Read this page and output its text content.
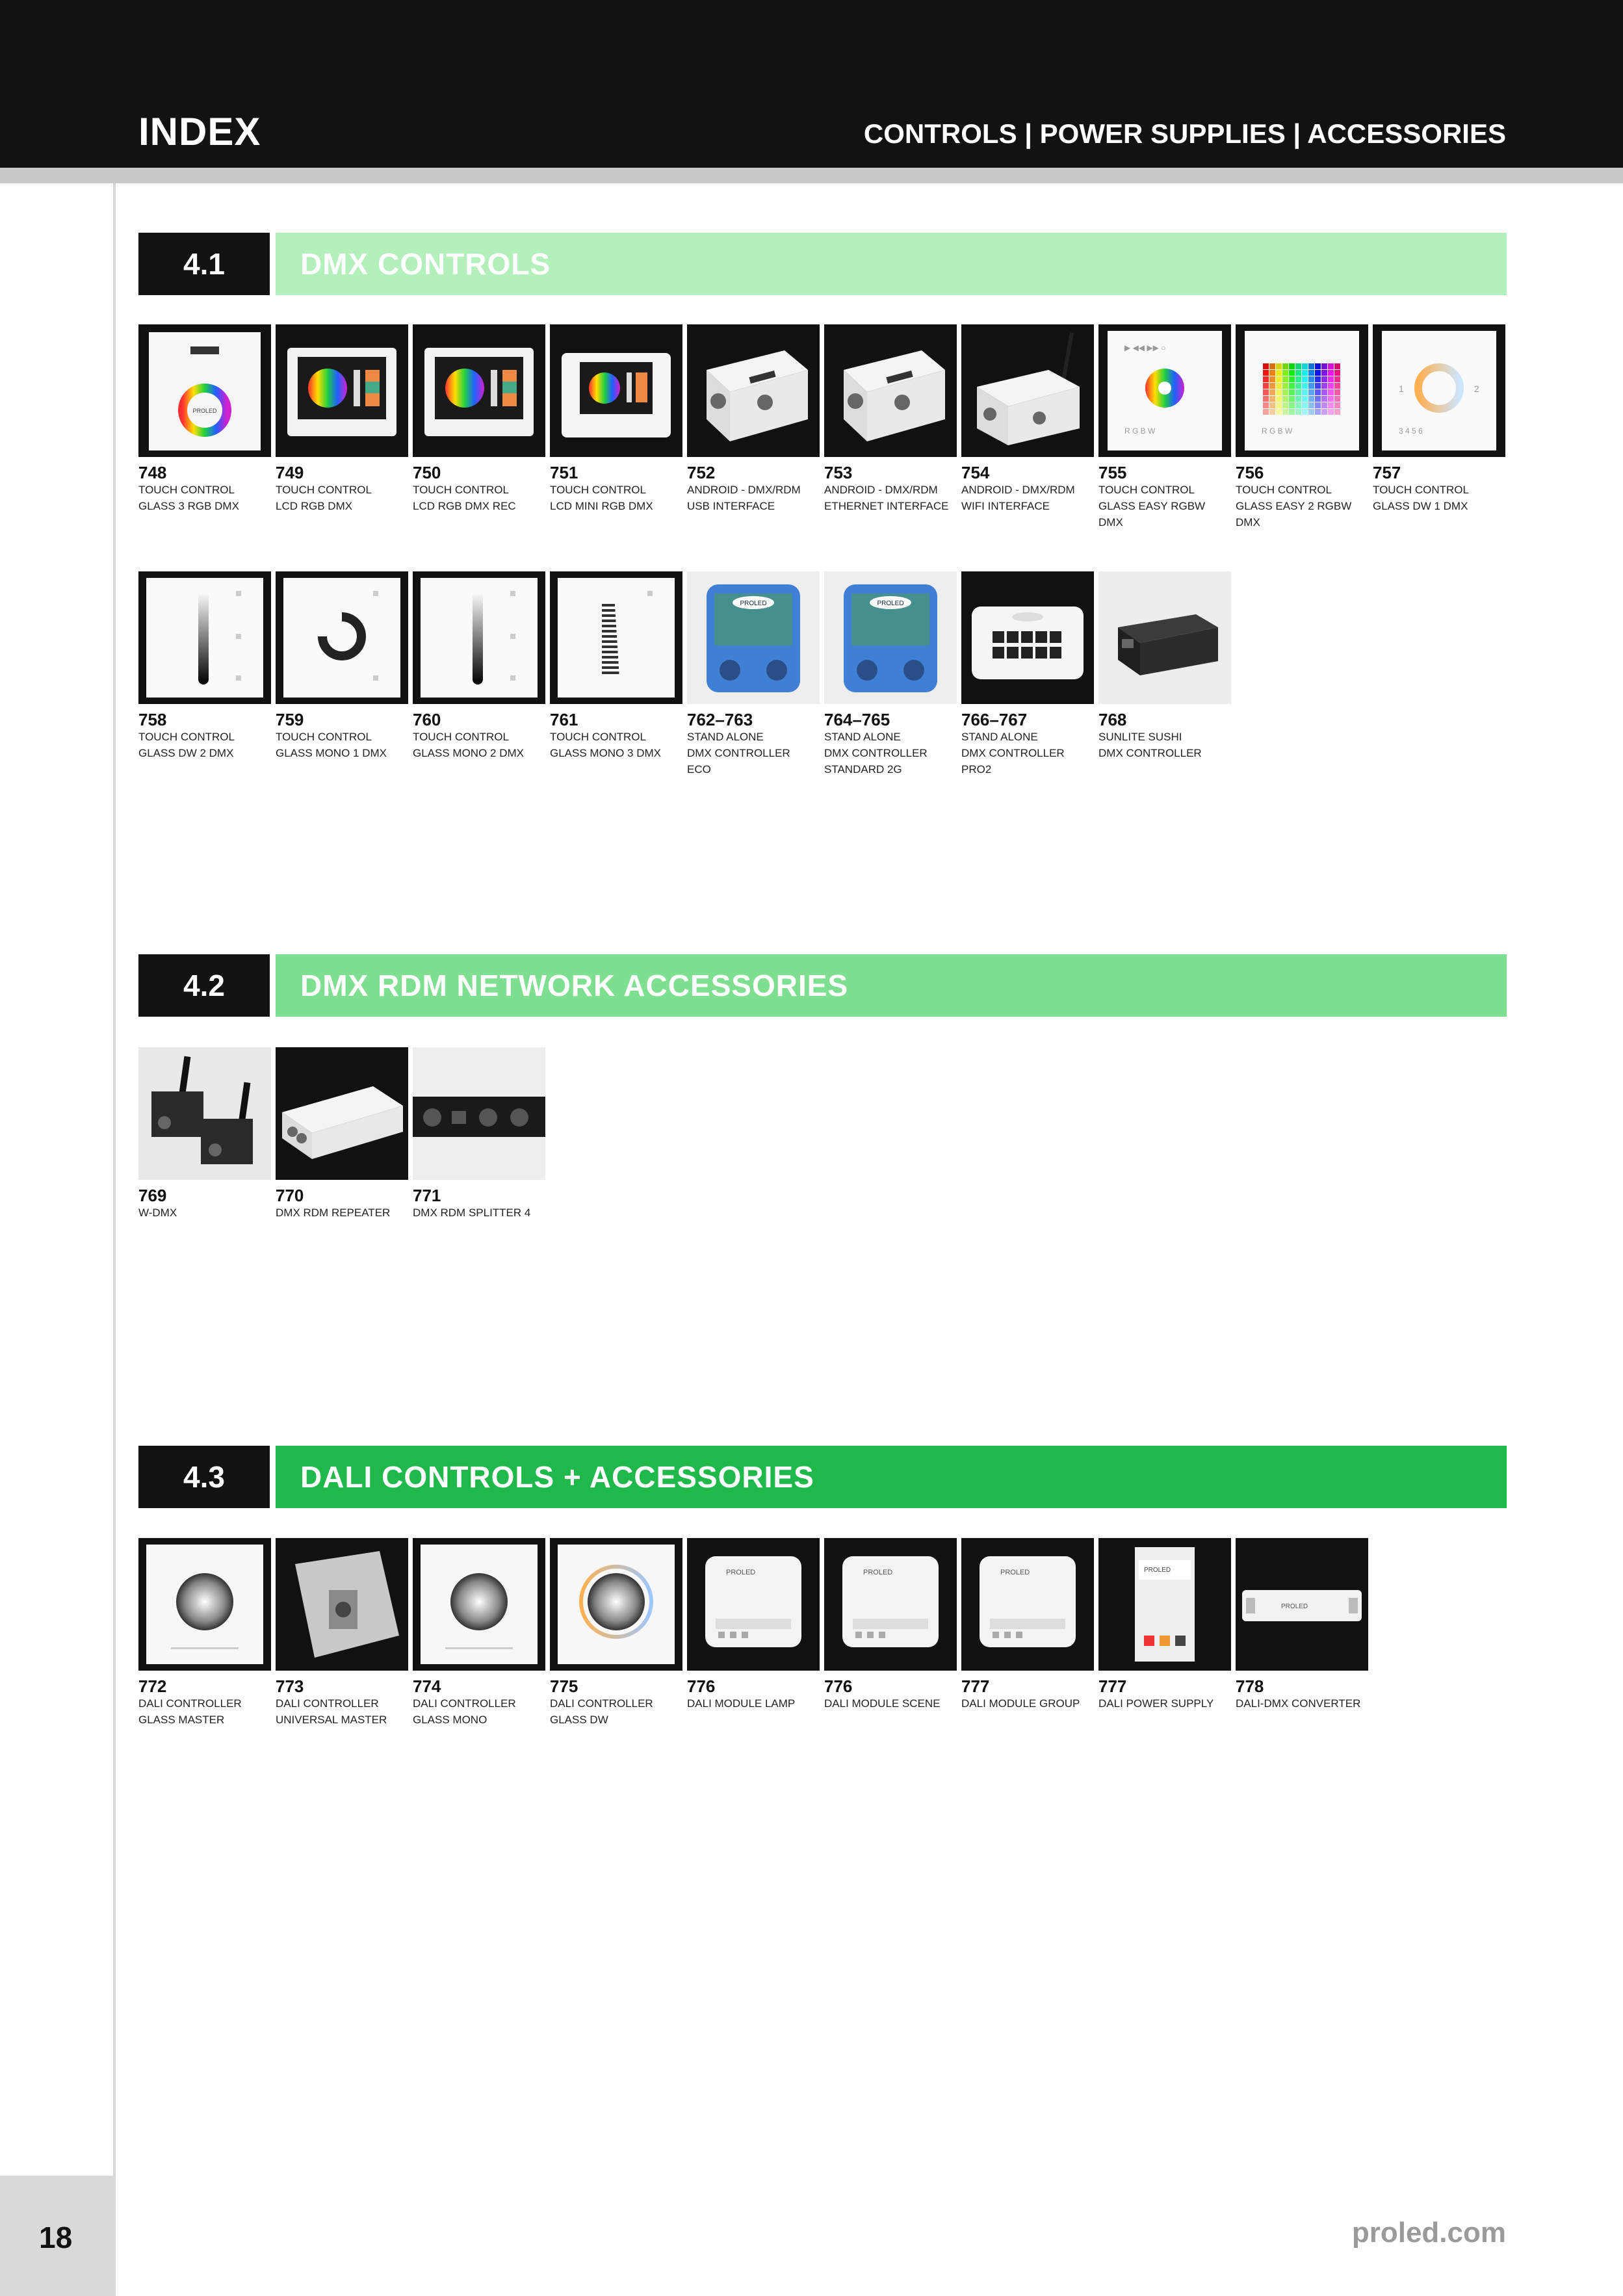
INDEX	CONTROLS | POWER SUPPLIES | ACCESSORIES
4.1	DMX CONTROLS
4.2	DMX RDM NETWORK ACCESSORIES
4.3	DALI CONTROLS + ACCESSORIES
PROLED
748
TOUCH CONTROL
GLASS 3 RGB DMX
749
TOUCH CONTROL
LCD RGB DMX
750
TOUCH CONTROL
LCD RGB DMX REC
751
TOUCH CONTROL
LCD MINI RGB DMX
752
ANDROID - DMX/RDM
USB INTERFACE
753
ANDROID - DMX/RDM
ETHERNET INTERFACE
754
ANDROID - DMX/RDM
WIFI INTERFACE
R G B W
▶ ◀◀ ▶▶ ○
755
TOUCH CONTROL
GLASS EASY RGBW
DMX
R G B W
756
TOUCH CONTROL
GLASS EASY 2 RGBW
DMX
3 4 5 6
1	2
757
TOUCH CONTROL
GLASS DW 1 DMX
758
TOUCH CONTROL
GLASS DW 2 DMX
759
TOUCH CONTROL
GLASS MONO 1 DMX
760
TOUCH CONTROL
GLASS MONO 2 DMX
761
TOUCH CONTROL
GLASS MONO 3 DMX
PROLED
762–763
STAND ALONE
DMX CONTROLLER
ECO
PROLED
764–765
STAND ALONE
DMX CONTROLLER
STANDARD 2G
766–767
STAND ALONE
DMX CONTROLLER
PRO2
768
SUNLITE SUSHI
DMX CONTROLLER
769
W-DMX
770
DMX RDM REPEATER
771
DMX RDM SPLITTER 4
772
DALI CONTROLLER
GLASS MASTER
773
DALI CONTROLLER
UNIVERSAL MASTER
774
DALI CONTROLLER
GLASS MONO
775
DALI CONTROLLER
GLASS DW
PROLED
776
DALI MODULE LAMP
PROLED
776
DALI MODULE SCENE
PROLED
777
DALI MODULE GROUP
PROLED
777
DALI POWER SUPPLY
PROLED
778
DALI-DMX CONVERTER
18	proled.com
